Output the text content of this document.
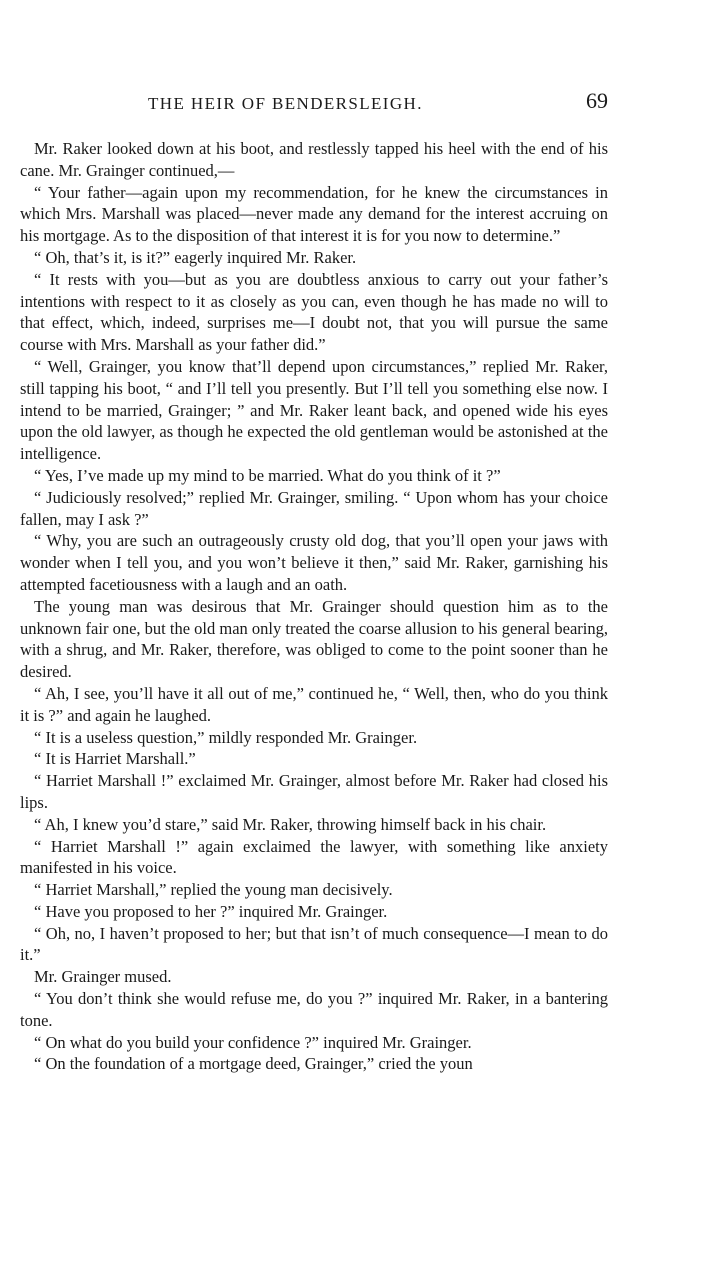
THE HEIR OF BENDERSLEIGH.	69

Mr. Raker looked down at his boot, and restlessly tapped his heel with the end of his cane. Mr. Grainger continued,—

“ Your father—again upon my recommendation, for he knew the circumstances in which Mrs. Marshall was placed—never made any demand for the interest accruing on his mortgage. As to the disposition of that interest it is for you now to determine.”

“ Oh, that’s it, is it?” eagerly inquired Mr. Raker.

“ It rests with you—but as you are doubtless anxious to carry out your father’s intentions with respect to it as closely as you can, even though he has made no will to that effect, which, indeed, surprises me—I doubt not, that you will pursue the same course with Mrs. Marshall as your father did.”

“ Well, Grainger, you know that’ll depend upon circumstances,” replied Mr. Raker, still tapping his boot, “ and I’ll tell you presently. But I’ll tell you something else now. I intend to be married, Grainger; ” and Mr. Raker leant back, and opened wide his eyes upon the old lawyer, as though he expected the old gentleman would be astonished at the intelligence.

“ Yes, I’ve made up my mind to be married. What do you think of it ?”

“ Judiciously resolved;” replied Mr. Grainger, smiling. “ Upon whom has your choice fallen, may I ask ?”

“ Why, you are such an outrageously crusty old dog, that you’ll open your jaws with wonder when I tell you, and you won’t believe it then,” said Mr. Raker, garnishing his attempted facetiousness with a laugh and an oath.

The young man was desirous that Mr. Grainger should question him as to the unknown fair one, but the old man only treated the coarse allusion to his general bearing, with a shrug, and Mr. Raker, therefore, was obliged to come to the point sooner than he desired.

“ Ah, I see, you’ll have it all out of me,” continued he, “ Well, then, who do you think it is ?” and again he laughed.

“ It is a useless question,” mildly responded Mr. Grainger.

“ It is Harriet Marshall.”

“ Harriet Marshall !” exclaimed Mr. Grainger, almost before Mr. Raker had closed his lips.

“ Ah, I knew you’d stare,” said Mr. Raker, throwing himself back in his chair.

“ Harriet Marshall !” again exclaimed the lawyer, with something like anxiety manifested in his voice.

“ Harriet Marshall,” replied the young man decisively.

“ Have you proposed to her ?” inquired Mr. Grainger.

“ Oh, no, I haven’t proposed to her; but that isn’t of much consequence—I mean to do it.”

Mr. Grainger mused.

“ You don’t think she would refuse me, do you ?” inquired Mr. Raker, in a bantering tone.

“ On what do you build your confidence ?” inquired Mr. Grainger.

“ On the foundation of a mortgage deed, Grainger,” cried the youn
